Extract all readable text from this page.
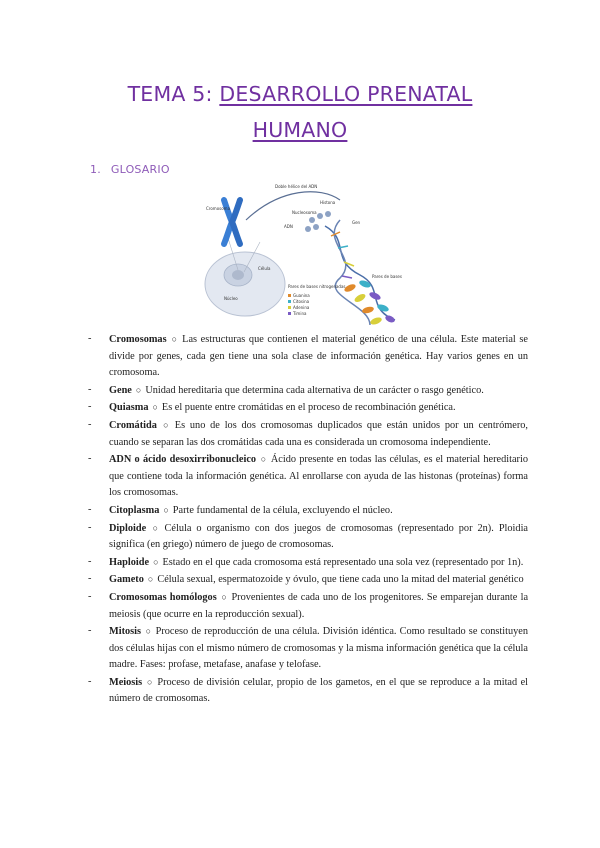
TEMA 5: DESARROLLO PRENATAL
HUMANO
1. GLOSARIO
Doble hélice del ADN
Cromosoma
Histona
Nucleosoma
ADN
Gen
Célula
Núcleo
Pares de bases
Pares de bases nitrogenadas
Guanina
Citosina
Adenina
Timina
- Cromosomas ○ Las estructuras que contienen el material genético de una célula. Este material se divide por genes, cada gen tiene una sola clase de información genética. Hay varios genes en un cromosoma.
- Gene ○ Unidad hereditaria que determina cada alternativa de un carácter o rasgo genético.
- Quiasma ○ Es el puente entre cromátidas en el proceso de recombinación genética.
- Cromátida ○ Es uno de los dos cromosomas duplicados que están unidos por un centrómero, cuando se separan las dos cromátidas cada una es considerada un cromosoma independiente.
- ADN o ácido desoxirribonucleico ○ Ácido presente en todas las células, es el material hereditario que contiene toda la información genética. Al enrollarse con ayuda de las histonas (proteínas) forma los cromosomas.
- Citoplasma ○ Parte fundamental de la célula, excluyendo el núcleo.
- Diploide ○ Célula o organismo con dos juegos de cromosomas (representado por 2n). Ploidia significa (en griego) número de juego de cromosomas.
- Haploide ○ Estado en el que cada cromosoma está representado una sola vez (representado por 1n).
- Gameto ○ Célula sexual, espermatozoide y óvulo, que tiene cada uno la mitad del material genético
- Cromosomas homólogos ○ Provenientes de cada uno de los progenitores. Se emparejan durante la meiosis (que ocurre en la reproducción sexual).
- Mitosis ○ Proceso de reproducción de una célula. División idéntica. Como resultado se constituyen dos células hijas con el mismo número de cromosomas y la misma información genética que la célula madre. Fases: profase, metafase, anafase y telofase.
- Meiosis ○ Proceso de división celular, propio de los gametos, en el que se reproduce a la mitad el número de cromosomas.
